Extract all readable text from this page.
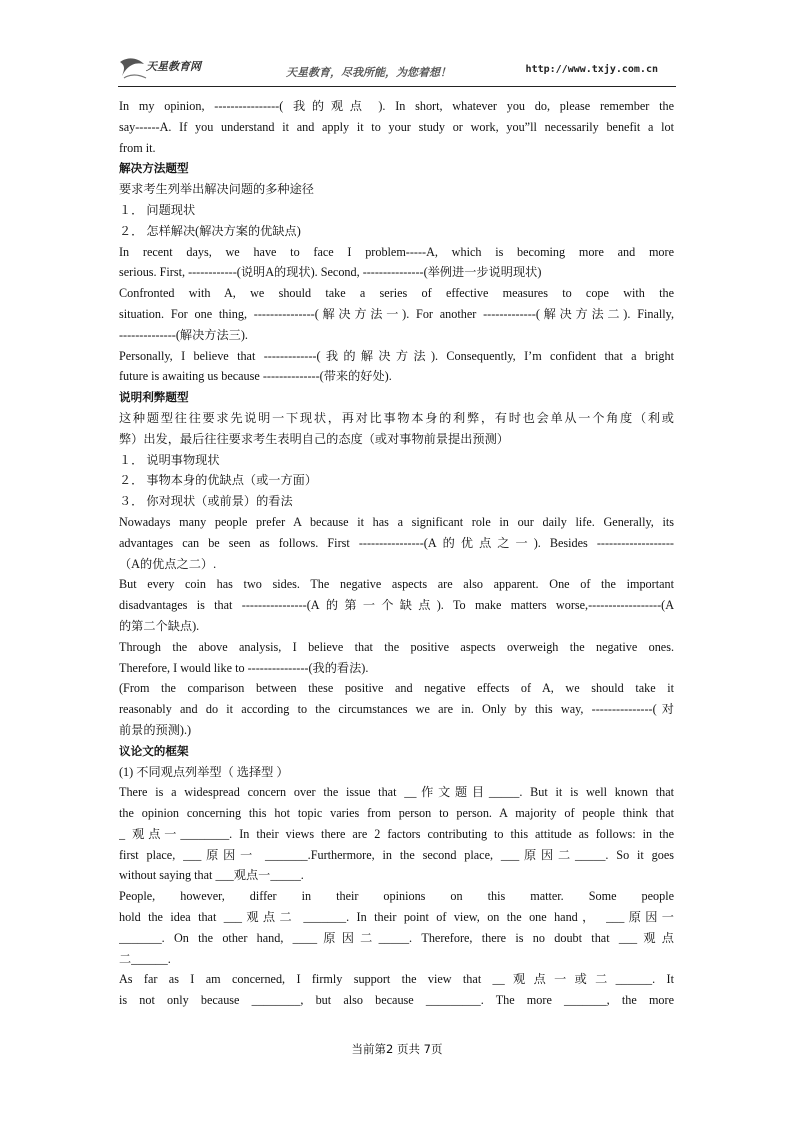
天星教育网	天星教育，尽我所能，为您着想！	http://www.txjy.com.cn
In my opinion, ----------------( 我的观点 ). In short, whatever you do, please remember the
say------A. If you understand it and apply it to your study or work, you”ll necessarily benefit a lot
from it.
解决方法题型
要求考生列举出解决问题的多种途径
１． 问题现状
２． 怎样解决(解决方案的优缺点)
In recent days, we have to face I problem-----A, which is becoming more and more
serious. First, ------------(说明A的现状). Second, ---------------(举例进一步说明现状)
Confronted with A, we should take a series of effective measures to cope with the
situation. For one thing, ---------------(解决方法一). For another -------------(解决方法二). Finally,
--------------(解决方法三).
Personally, I believe that -------------(我的解决方法). Consequently, I’m confident that a bright
future is awaiting us because --------------(带来的好处).
说明利弊题型
这种题型往往要求先说明一下现状，再对比事物本身的利弊，有时也会单从一个角度（利或
弊）出发，最后往往要求考生表明自己的态度（或对事物前景提出预测）
１． 说明事物现状
２． 事物本身的优缺点（或一方面）
３． 你对现状（或前景）的看法
Nowadays many people prefer A because it has a significant role in our daily life. Generally, its
advantages can be seen as follows. First ----------------(A的优点之一). Besides -------------------
（A的优点之二）.
But every coin has two sides. The negative aspects are also apparent. One of the important
disadvantages is that ----------------(A的第一个缺点). To make matters worse,------------------(A
的第二个缺点).
Through the above analysis, I believe that the positive aspects overweigh the negative ones.
Therefore, I would like to ---------------(我的看法).
(From the comparison between these positive and negative effects of A, we should take it
reasonably and do it according to the circumstances we are in. Only by this way, ---------------(对
前景的预测).)
议论文的框架
(1) 不同观点列举型（ 选择型 ）
There is a widespread concern over the issue that __作文题目_____. But it is well known that
the opinion concerning this hot topic varies from person to person. A majority of people think that
_ 观点一________. In their views there are 2 factors contributing to this attitude as follows: in the
first place, ___原因一 _______.Furthermore, in the second place, ___原因二_____. So it goes
without saying that ___观点一_____.
People, however, differ in their opinions on this matter. Some people
hold the idea that ___观点二 _______. In their point of view, on the one hand， ___原因一
_______. On the other hand, ____原因二_____. Therefore, there is no doubt that ___观点
二______.
As far as I am concerned, I firmly support the view that __观点一或二______. It
is not only because ________, but also because _________. The more _______, the more
当前第2 页共 7页
